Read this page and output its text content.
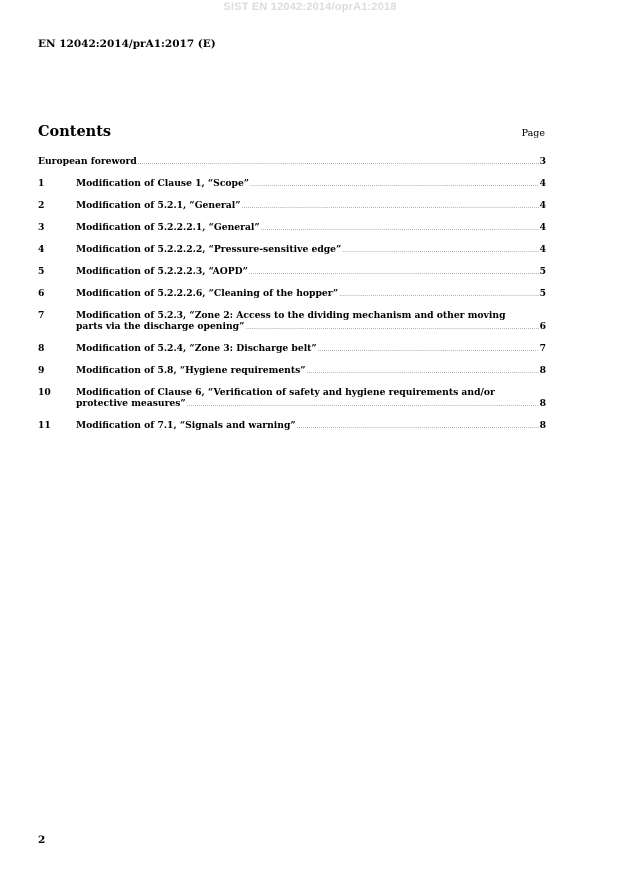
SIST EN 12042:2014/oprA1:2018
EN 12042:2014/prA1:2017 (E)
Contents	Page
European foreword .....	3
1	Modification of Clause 1, “Scope” .....	4
2	Modification of 5.2.1, “General” .....	4
3	Modification of 5.2.2.2.1, “General” .....	4
4	Modification of 5.2.2.2.2, “Pressure-sensitive edge” .....	4
5	Modification of 5.2.2.2.3, “AOPD” .....	5
6	Modification of 5.2.2.2.6, “Cleaning of the hopper” .....	5
7	Modification of 5.2.3, “Zone 2: Access to the dividing mechanism and other moving
parts via the discharge opening” .....	6
8	Modification of 5.2.4, “Zone 3: Discharge belt” .....	7
9	Modification of 5.8, “Hygiene requirements” .....	8
10	Modification of Clause 6, “Verification of safety and hygiene requirements and/or
protective measures” .....	8
11	Modification of 7.1, “Signals and warning” .....	8
2
